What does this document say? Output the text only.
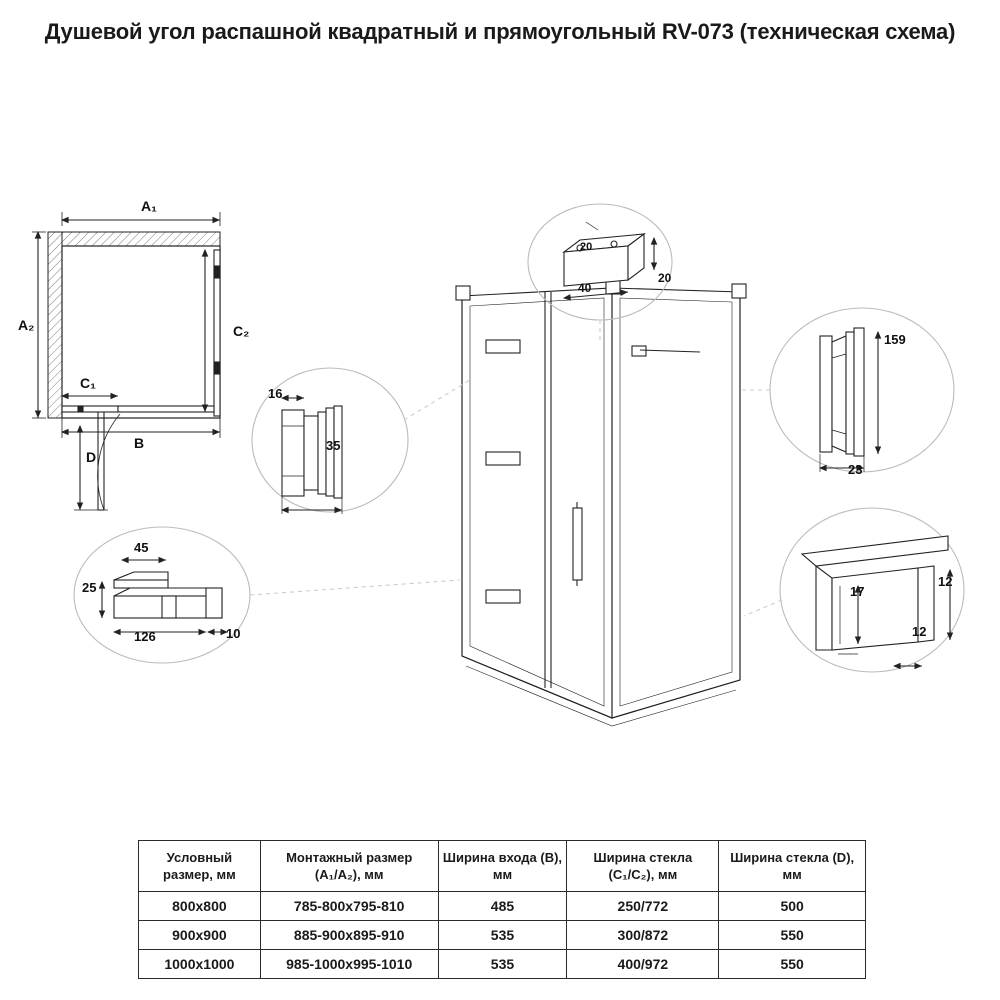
Душевой угол распашной квадратный и прямоугольный RV-073 (техническая схема)
A₁
A₂	C₂
B
C₁
D
16
35
20
40
20
159
23
45
25
126	10
17
12
12
Условный размер, мм	Монтажный размер (A₁/A₂), мм	Ширина входа (B), мм	Ширина стекла (C₁/C₂), мм	Ширина стекла (D), мм
800х800	785-800х795-810	485	250/772	500
900х900	885-900х895-910	535	300/872	550
1000х1000	985-1000х995-1010	535	400/972	550
